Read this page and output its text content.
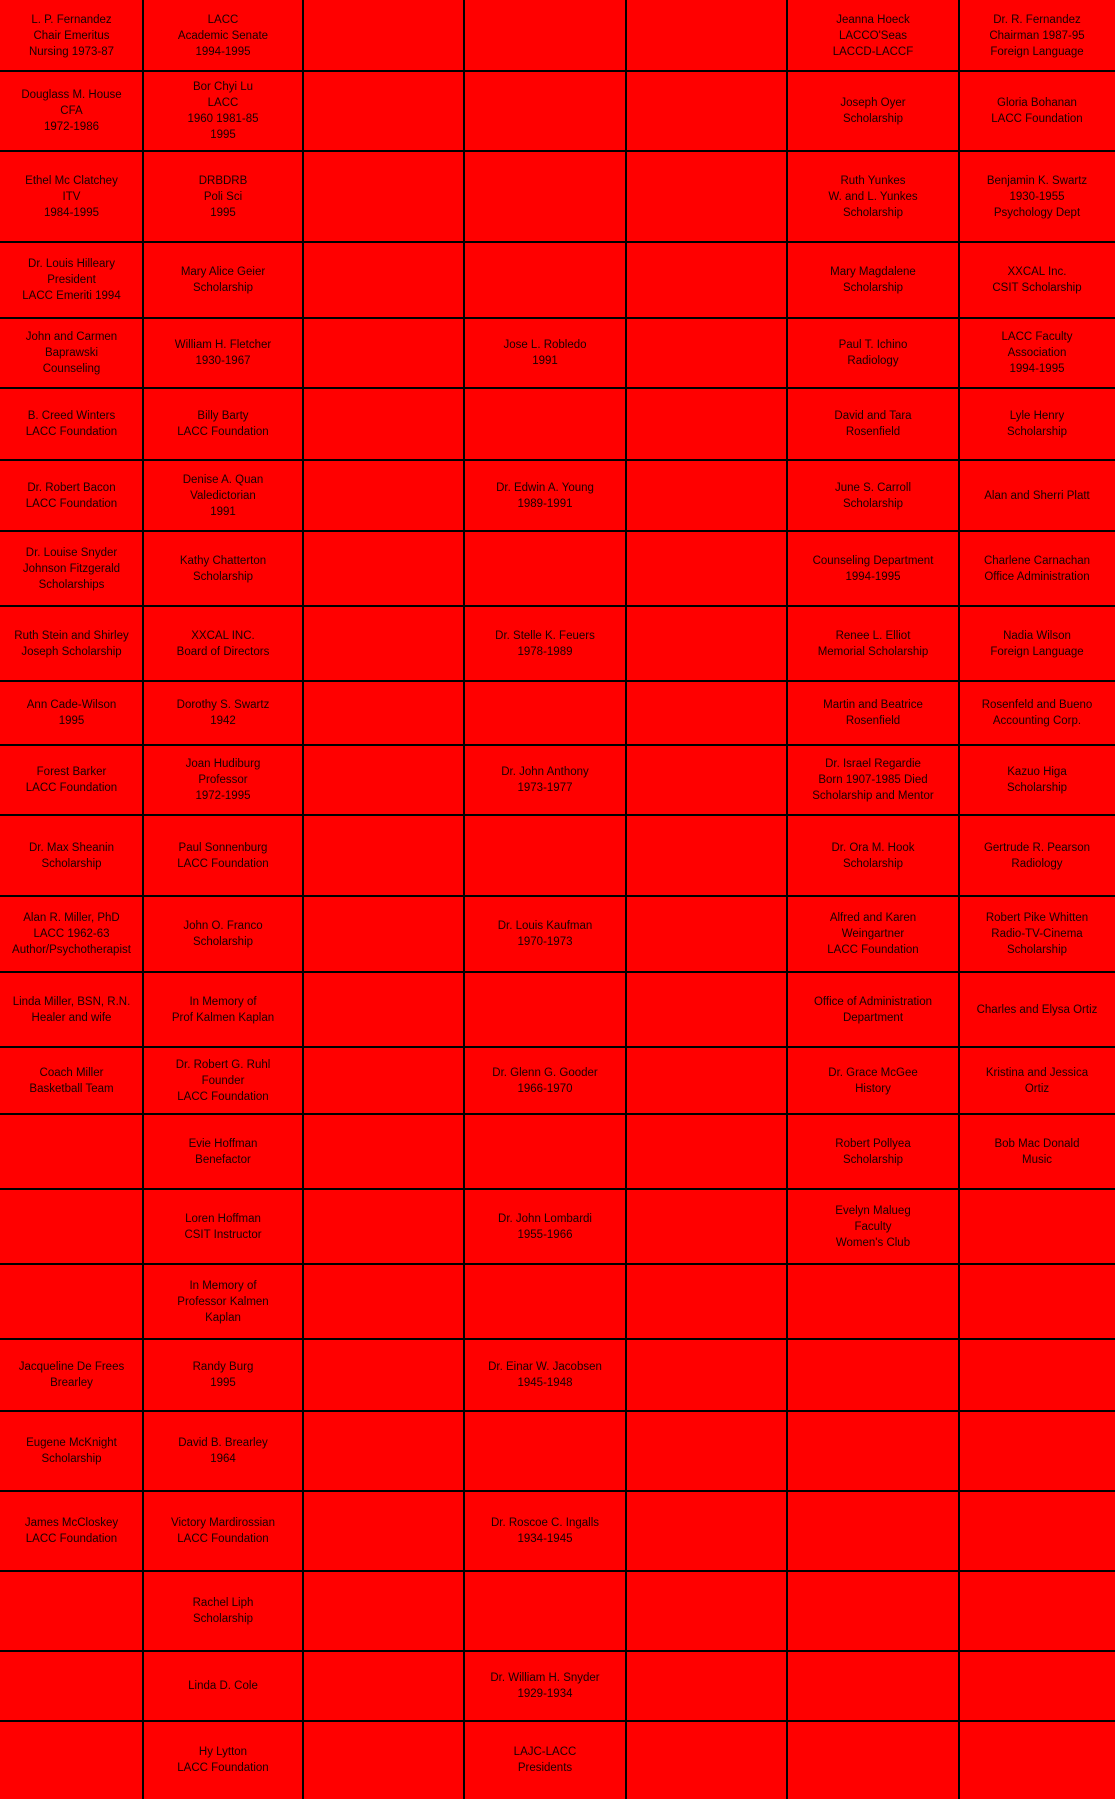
L. P. Fernandez
Chair Emeritus
Nursing 1973-87
LACC
Academic Senate
1994-1995
Jeanna Hoeck
LACCO'Seas
LACCD-LACCF
Dr. R. Fernandez
Chairman 1987-95
Foreign Language
Douglass M. House
CFA
1972-1986
Bor Chyi Lu
LACC
1960 1981-85
1995
Joseph Oyer
Scholarship
Gloria Bohanan
LACC Foundation
Ethel Mc Clatchey
ITV
1984-1995
DRBDRB
Poli Sci
1995
Ruth Yunkes
W. and L. Yunkes
Scholarship
Benjamin K. Swartz
1930-1955
Psychology Dept
Dr. Louis Hilleary
President
LACC Emeriti 1994
Mary Alice Geier
Scholarship
Mary Magdalene
Scholarship
XXCAL Inc.
CSIT Scholarship
John and Carmen
Baprawski
Counseling
William H. Fletcher
1930-1967
Jose L. Robledo
1991
Paul T. Ichino
Radiology
LACC Faculty
Association
1994-1995
B. Creed Winters
LACC Foundation
Billy Barty
LACC Foundation
David and Tara
Rosenfield
Lyle Henry
Scholarship
Dr. Robert Bacon
LACC Foundation
Denise A. Quan
Valedictorian
1991
Dr. Edwin A. Young
1989-1991
June S. Carroll
Scholarship
Alan and Sherri Platt
Dr. Louise Snyder
Johnson Fitzgerald
Scholarships
Kathy Chatterton
Scholarship
Counseling Department
1994-1995
Charlene Carnachan
Office Administration
Ruth Stein and Shirley
Joseph Scholarship
XXCAL INC.
Board of Directors
Dr. Stelle K. Feuers
1978-1989
Renee L. Elliot
Memorial Scholarship
Nadia Wilson
Foreign Language
Ann Cade-Wilson
1995
Dorothy S. Swartz
1942
Martin and Beatrice
Rosenfield
Rosenfeld and Bueno
Accounting Corp.
Forest Barker
LACC Foundation
Joan Hudiburg
Professor
1972-1995
Dr. John Anthony
1973-1977
Dr. Israel Regardie
Born 1907-1985 Died
Scholarship and Mentor
Kazuo Higa
Scholarship
Dr. Max Sheanin
Scholarship
Paul Sonnenburg
LACC Foundation
Dr. Ora M. Hook
Scholarship
Gertrude R. Pearson
Radiology
Alan R. Miller, PhD
LACC 1962-63
Author/Psychotherapist
John O. Franco
Scholarship
Dr. Louis Kaufman
1970-1973
Alfred and Karen
Weingartner
LACC Foundation
Robert Pike Whitten
Radio-TV-Cinema
Scholarship
Linda Miller, BSN, R.N.
Healer and wife
In Memory of
Prof Kalmen Kaplan
Office of Administration
Department
Charles and Elysa Ortiz
Coach Miller
Basketball Team
Dr. Robert G. Ruhl
Founder
LACC Foundation
Dr. Glenn G. Gooder
1966-1970
Dr. Grace McGee
History
Kristina and Jessica
Ortiz
Evie Hoffman
Benefactor
Robert Pollyea
Scholarship
Bob Mac Donald
Music
Loren Hoffman
CSIT Instructor
Dr. John Lombardi
1955-1966
Evelyn Malueg
Faculty
Women's Club
In Memory of
Professor Kalmen
Kaplan
Jacqueline De Frees
Brearley
Randy Burg
1995
Dr. Einar W. Jacobsen
1945-1948
Eugene McKnight
Scholarship
David B. Brearley
1964
James McCloskey
LACC Foundation
Victory Mardirossian
LACC Foundation
Dr. Roscoe C. Ingalls
1934-1945
Rachel Liph
Scholarship
Linda D. Cole
Dr. William H. Snyder
1929-1934
Hy Lytton
LACC Foundation
LAJC-LACC
Presidents
